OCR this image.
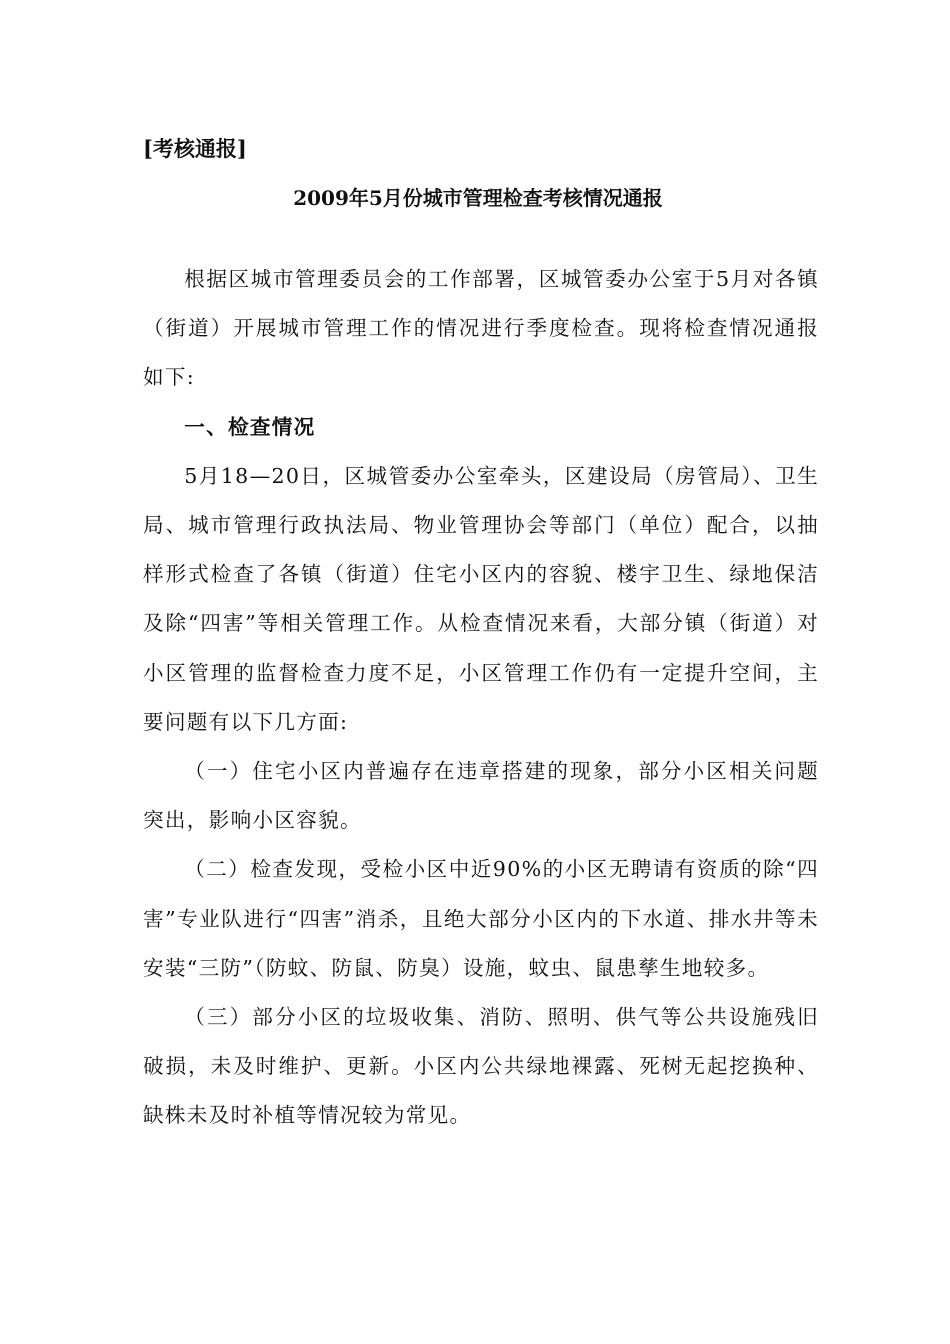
[考核通报]
2009年5月份城市管理检查考核情况通报

根据区城市管理委员会的工作部署，区城管委办公室于5月对各镇（街道）开展城市管理工作的情况进行季度检查。现将检查情况通报如下:

一、检查情况

5月18—20日，区城管委办公室牵头，区建设局（房管局）、卫生局、城市管理行政执法局、物业管理协会等部门（单位）配合，以抽样形式检查了各镇（街道）住宅小区内的容貌、楼宇卫生、绿地保洁及除“四害”等相关管理工作。从检查情况来看，大部分镇（街道）对小区管理的监督检查力度不足，小区管理工作仍有一定提升空间，主要问题有以下几方面:

（一）住宅小区内普遍存在违章搭建的现象，部分小区相关问题突出，影响小区容貌。

（二）检查发现，受检小区中近90%的小区无聘请有资质的除“四害”专业队进行“四害”消杀，且绝大部分小区内的下水道、排水井等未安装“三防”（防蚊、防鼠、防臭）设施，蚊虫、鼠患孳生地较多。

（三）部分小区的垃圾收集、消防、照明、供气等公共设施残旧破损，未及时维护、更新。小区内公共绿地裸露、死树无起挖换种、缺株未及时补植等情况较为常见。
